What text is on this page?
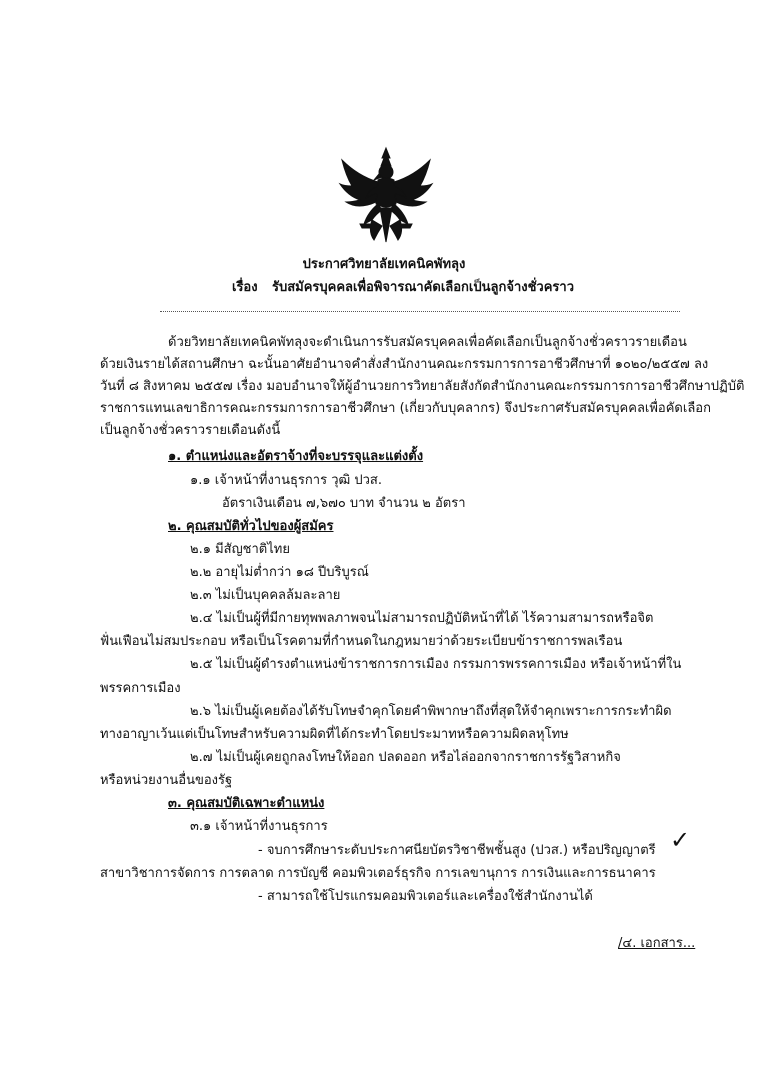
ประกาศวิทยาลัยเทคนิคพัทลุง
เรื่อง รับสมัครบุคคลเพื่อพิจารณาคัดเลือกเป็นลูกจ้างชั่วคราว
ด้วยวิทยาลัยเทคนิคพัทลุงจะดำเนินการรับสมัครบุคคลเพื่อคัดเลือกเป็นลูกจ้างชั่วคราวรายเดือน
ด้วยเงินรายได้สถานศึกษา ฉะนั้นอาศัยอำนาจคำสั่งสำนักงานคณะกรรมการการอาชีวศึกษาที่ ๑๐๒๐/๒๕๕๗ ลง
วันที่ ๘ สิงหาคม ๒๕๕๗ เรื่อง มอบอำนาจให้ผู้อำนวยการวิทยาลัยสังกัดสำนักงานคณะกรรมการการอาชีวศึกษาปฏิบัติ
ราชการแทนเลขาธิการคณะกรรมการการอาชีวศึกษา (เกี่ยวกับบุคลากร) จึงประกาศรับสมัครบุคคลเพื่อคัดเลือก
เป็นลูกจ้างชั่วคราวรายเดือนดังนี้
๑. ตำแหน่งและอัตราจ้างที่จะบรรจุและแต่งตั้ง
๑.๑ เจ้าหน้าที่งานธุรการ วุฒิ ปวส.
อัตราเงินเดือน ๗,๖๗๐ บาท จำนวน ๒ อัตรา
๒. คุณสมบัติทั่วไปของผู้สมัคร
๒.๑ มีสัญชาติไทย
๒.๒ อายุไม่ต่ำกว่า ๑๘ ปีบริบูรณ์
๒.๓ ไม่เป็นบุคคลล้มละลาย
๒.๔ ไม่เป็นผู้ที่มีกายทุพพลภาพจนไม่สามารถปฏิบัติหน้าที่ได้ ไร้ความสามารถหรือจิต
ฟั่นเฟือนไม่สมประกอบ หรือเป็นโรคตามที่กำหนดในกฎหมายว่าด้วยระเบียบข้าราชการพลเรือน
๒.๕ ไม่เป็นผู้ดำรงตำแหน่งข้าราชการการเมือง กรรมการพรรคการเมือง หรือเจ้าหน้าที่ใน
พรรคการเมือง
๒.๖ ไม่เป็นผู้เคยต้องได้รับโทษจำคุกโดยคำพิพากษาถึงที่สุดให้จำคุกเพราะการกระทำผิด
ทางอาญาเว้นแต่เป็นโทษสำหรับความผิดที่ได้กระทำโดยประมาทหรือความผิดลหุโทษ
๒.๗ ไม่เป็นผู้เคยถูกลงโทษให้ออก ปลดออก หรือไล่ออกจากราชการรัฐวิสาหกิจ
หรือหน่วยงานอื่นของรัฐ
๓. คุณสมบัติเฉพาะตำแหน่ง
๓.๑ เจ้าหน้าที่งานธุรการ
- จบการศึกษาระดับประกาศนียบัตรวิชาชีพชั้นสูง (ปวส.) หรือปริญญาตรี ✓
สาขาวิชาการจัดการ การตลาด การบัญชี คอมพิวเตอร์ธุรกิจ การเลขานุการ การเงินและการธนาคาร
- สามารถใช้โปรแกรมคอมพิวเตอร์และเครื่องใช้สำนักงานได้
/๔. เอกสาร...
